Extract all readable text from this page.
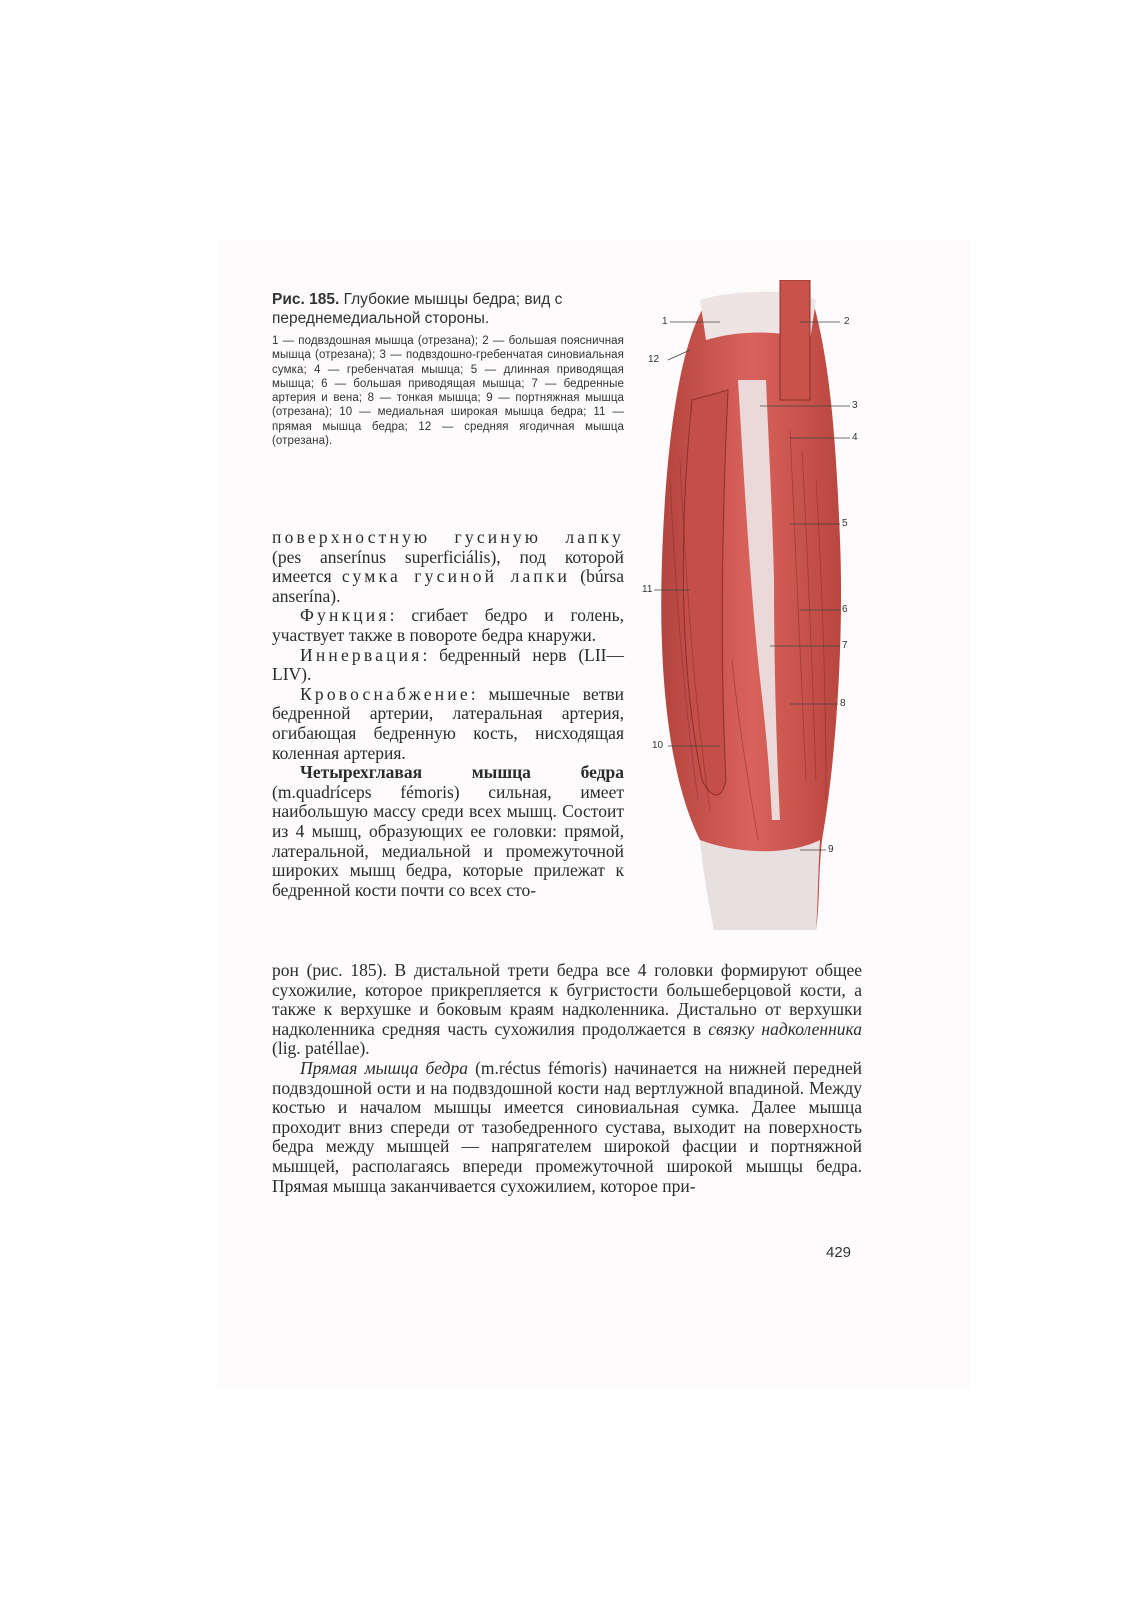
Рис. 185. Глубокие мышцы бедра; вид с переднемедиальной стороны.

1 — подвздошная мышца (отрезана); 2 — большая поясничная мышца (отрезана); 3 — подвздошно-гребенчатая синовиальная сумка; 4 — гребенчатая мышца; 5 — длинная приводящая мышца; 6 — большая приводящая мышца; 7 — бедренные артерия и вена; 8 — тонкая мышца; 9 — портняжная мышца (отрезана); 10 — медиальная широкая мышца бедра; 11 — прямая мышца бедра; 12 — средняя ягодичная мышца (отрезана).

поверхностную гусиную лапку (pes anserínus superficiális), под которой имеется сумка гусиной лапки (búrsa anserína).

Функция: сгибает бедро и голень, участвует также в повороте бедра кнаружи.

Иннервация: бедренный нерв (LII—LIV).

Кровоснабжение: мышечные ветви бедренной артерии, латеральная артерия, огибающая бедренную кость, нисходящая коленная артерия.

Четырехглавая мышца бедра (m.quadríceps fémoris) сильная, имеет наибольшую массу среди всех мышц. Состоит из 4 мышц, образующих ее головки: прямой, латеральной, медиальной и промежуточной широких мышц бедра, которые прилежат к бедренной кости почти со всех сто-

рон (рис. 185). В дистальной трети бедра все 4 головки формируют общее сухожилие, которое прикрепляется к бугристости большеберцовой кости, а также к верхушке и боковым краям надколенника. Дистально от верхушки надколенника средняя часть сухожилия продолжается в связку надколенника (lig. patéllae).

Прямая мышца бедра (m.réctus fémoris) начинается на нижней передней подвздошной ости и на подвздошной кости над вертлужной впадиной. Между костью и началом мышцы имеется синовиальная сумка. Далее мышца проходит вниз спереди от тазобедренного сустава, выходит на поверхность бедра между мышцей — напрягателем широкой фасции и портняжной мышцей, располагаясь впереди промежуточной широкой мышцы бедра. Прямая мышца заканчивается сухожилием, которое при-

429
1	2
12
3
4
5
11
6
7
8
10
9
